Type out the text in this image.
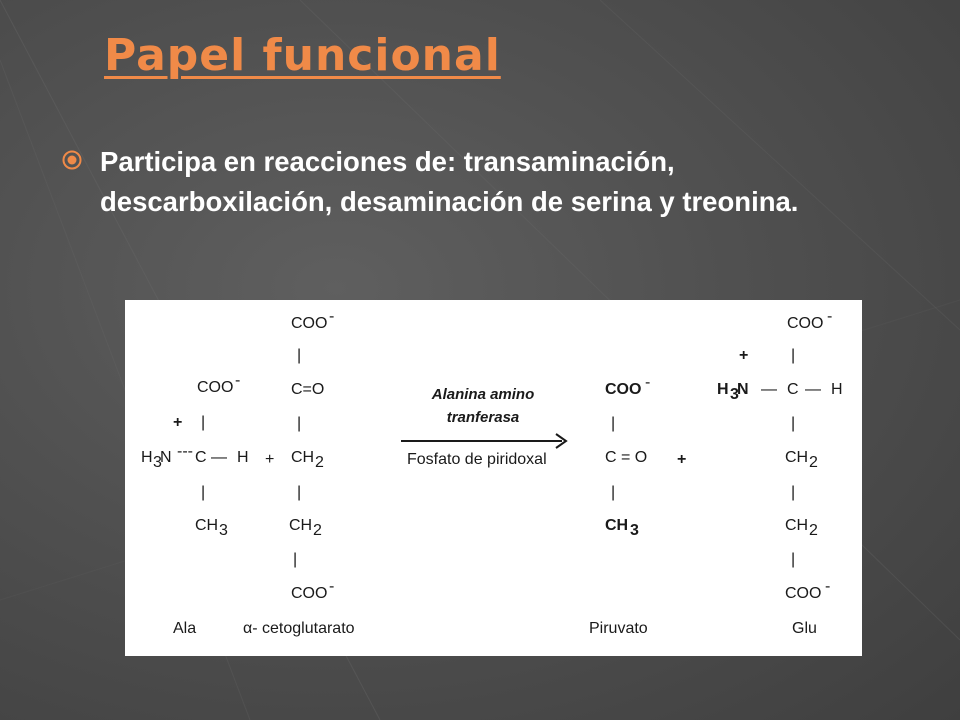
Papel funcional
Participa en reacciones de: transaminación, descarboxilación, desaminación de serina y treonina.
COO -
+ |
H 3
N --- C — H
|
CH 3
Ala
+
COO -
|
C=O
|
CH 2
|
CH 2
|
COO -
α- cetoglutarato
Alanina amino
tranferasa
Fosfato de piridoxal
COO -
|
C = O
|
CH 3
Piruvato
+
COO -
+	|
H 3
N — C — H
|
CH 2
|
CH 2
|
COO -
Glu
